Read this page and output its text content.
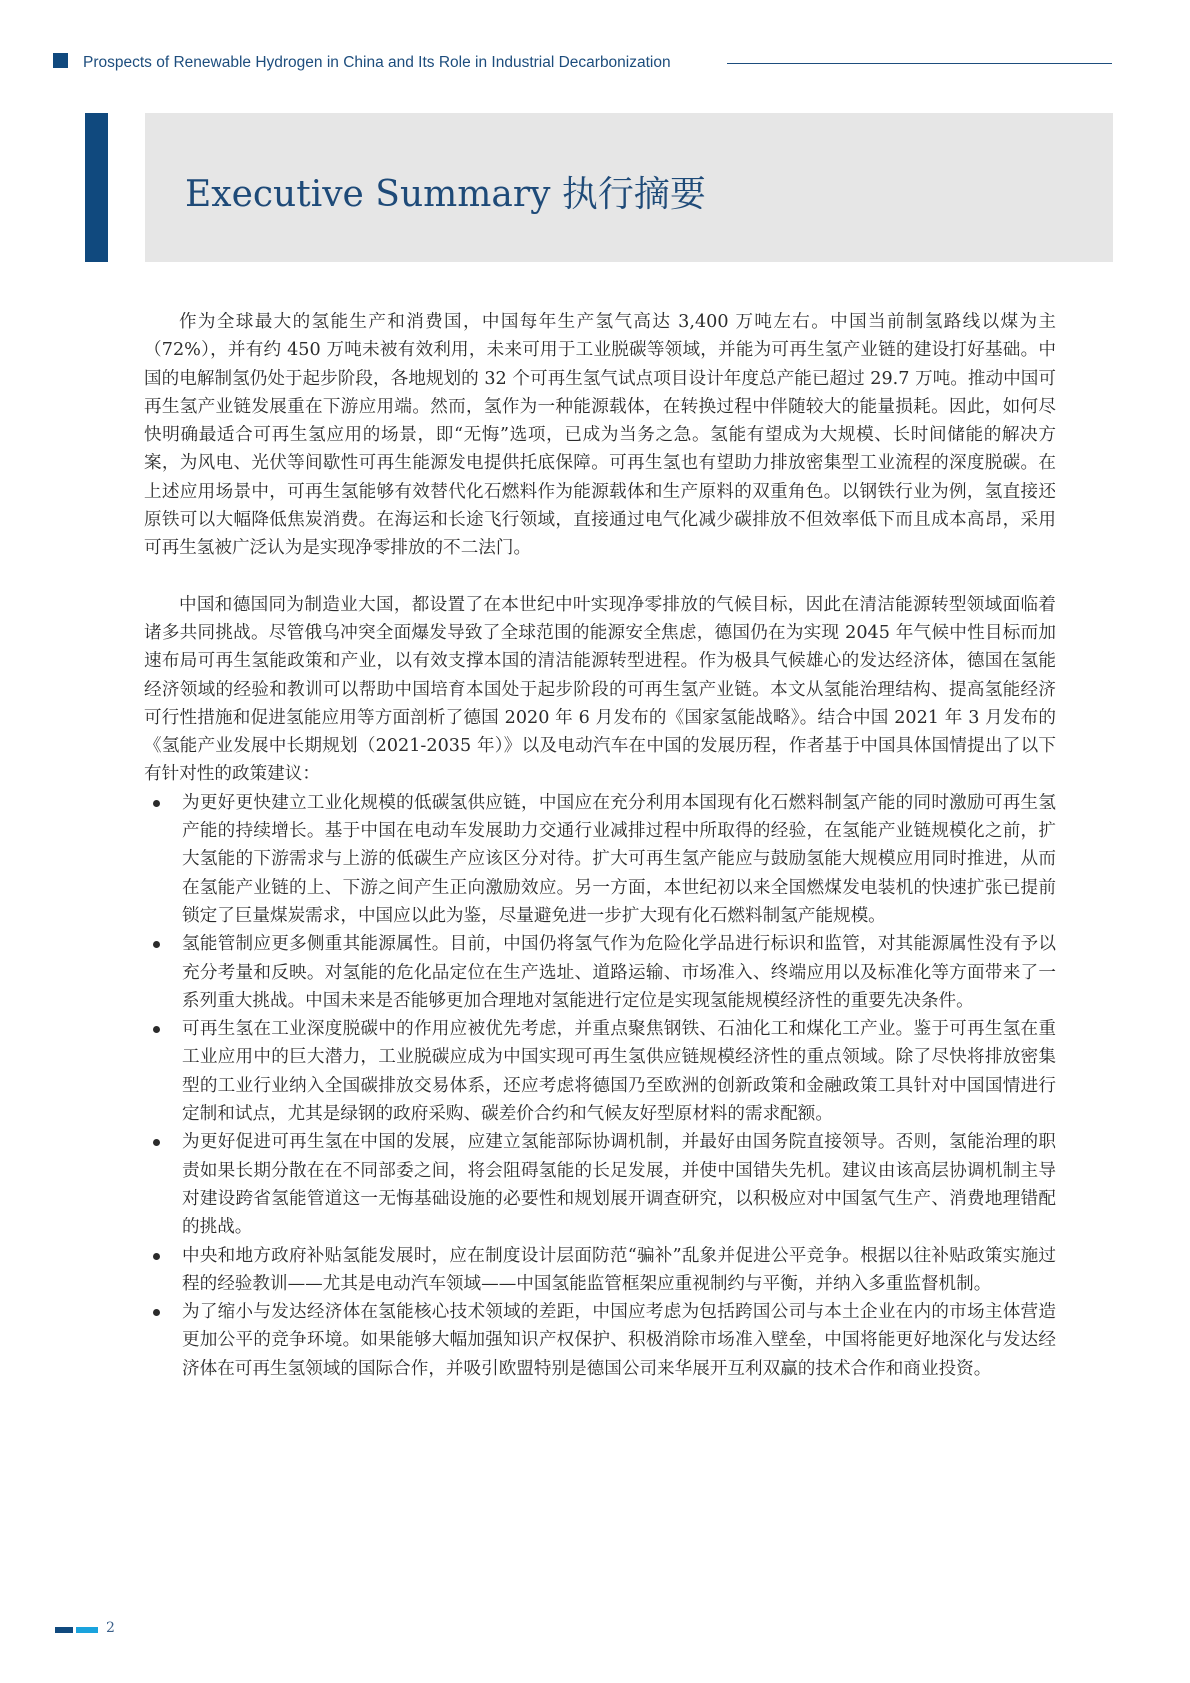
Prospects of Renewable Hydrogen in China and Its Role in Industrial Decarbonization
Executive Summary 执行摘要

作为全球最大的氢能生产和消费国，中国每年生产氢气高达 3,400 万吨左右。中国当前制氢路线以煤为主（72%），并有约 450 万吨未被有效利用，未来可用于工业脱碳等领域，并能为可再生氢产业链的建设打好基础。中国的电解制氢仍处于起步阶段，各地规划的 32 个可再生氢气试点项目设计年度总产能已超过 29.7 万吨。推动中国可再生氢产业链发展重在下游应用端。然而，氢作为一种能源载体，在转换过程中伴随较大的能量损耗。因此，如何尽快明确最适合可再生氢应用的场景，即“无悔”选项，已成为当务之急。氢能有望成为大规模、长时间储能的解决方案，为风电、光伏等间歇性可再生能源发电提供托底保障。可再生氢也有望助力排放密集型工业流程的深度脱碳。在上述应用场景中，可再生氢能够有效替代化石燃料作为能源载体和生产原料的双重角色。以钢铁行业为例，氢直接还原铁可以大幅降低焦炭消费。在海运和长途飞行领域，直接通过电气化减少碳排放不但效率低下而且成本高昂，采用可再生氢被广泛认为是实现净零排放的不二法门。

中国和德国同为制造业大国，都设置了在本世纪中叶实现净零排放的气候目标，因此在清洁能源转型领域面临着诸多共同挑战。尽管俄乌冲突全面爆发导致了全球范围的能源安全焦虑，德国仍在为实现 2045 年气候中性目标而加速布局可再生氢能政策和产业，以有效支撑本国的清洁能源转型进程。作为极具气候雄心的发达经济体，德国在氢能经济领域的经验和教训可以帮助中国培育本国处于起步阶段的可再生氢产业链。本文从氢能治理结构、提高氢能经济可行性措施和促进氢能应用等方面剖析了德国 2020 年 6 月发布的《国家氢能战略》。结合中国 2021 年 3 月发布的《氢能产业发展中长期规划（2021-2035 年）》以及电动汽车在中国的发展历程，作者基于中国具体国情提出了以下有针对性的政策建议：

为更好更快建立工业化规模的低碳氢供应链，中国应在充分利用本国现有化石燃料制氢产能的同时激励可再生氢产能的持续增长。基于中国在电动车发展助力交通行业减排过程中所取得的经验，在氢能产业链规模化之前，扩大氢能的下游需求与上游的低碳生产应该区分对待。扩大可再生氢产能应与鼓励氢能大规模应用同时推进，从而在氢能产业链的上、下游之间产生正向激励效应。另一方面，本世纪初以来全国燃煤发电装机的快速扩张已提前锁定了巨量煤炭需求，中国应以此为鉴，尽量避免进一步扩大现有化石燃料制氢产能规模。
氢能管制应更多侧重其能源属性。目前，中国仍将氢气作为危险化学品进行标识和监管，对其能源属性没有予以充分考量和反映。对氢能的危化品定位在生产选址、道路运输、市场准入、终端应用以及标准化等方面带来了一系列重大挑战。中国未来是否能够更加合理地对氢能进行定位是实现氢能规模经济性的重要先决条件。
可再生氢在工业深度脱碳中的作用应被优先考虑，并重点聚焦钢铁、石油化工和煤化工产业。鉴于可再生氢在重工业应用中的巨大潜力，工业脱碳应成为中国实现可再生氢供应链规模经济性的重点领域。除了尽快将排放密集型的工业行业纳入全国碳排放交易体系，还应考虑将德国乃至欧洲的创新政策和金融政策工具针对中国国情进行定制和试点，尤其是绿钢的政府采购、碳差价合约和气候友好型原材料的需求配额。
为更好促进可再生氢在中国的发展，应建立氢能部际协调机制，并最好由国务院直接领导。否则，氢能治理的职责如果长期分散在在不同部委之间，将会阻碍氢能的长足发展，并使中国错失先机。建议由该高层协调机制主导对建设跨省氢能管道这一无悔基础设施的必要性和规划展开调查研究，以积极应对中国氢气生产、消费地理错配的挑战。
中央和地方政府补贴氢能发展时，应在制度设计层面防范“骗补”乱象并促进公平竞争。根据以往补贴政策实施过程的经验教训——尤其是电动汽车领域——中国氢能监管框架应重视制约与平衡，并纳入多重监督机制。
为了缩小与发达经济体在氢能核心技术领域的差距，中国应考虑为包括跨国公司与本土企业在内的市场主体营造更加公平的竞争环境。如果能够大幅加强知识产权保护、积极消除市场准入壁垒，中国将能更好地深化与发达经济体在可再生氢领域的国际合作，并吸引欧盟特别是德国公司来华展开互利双赢的技术合作和商业投资。
2
